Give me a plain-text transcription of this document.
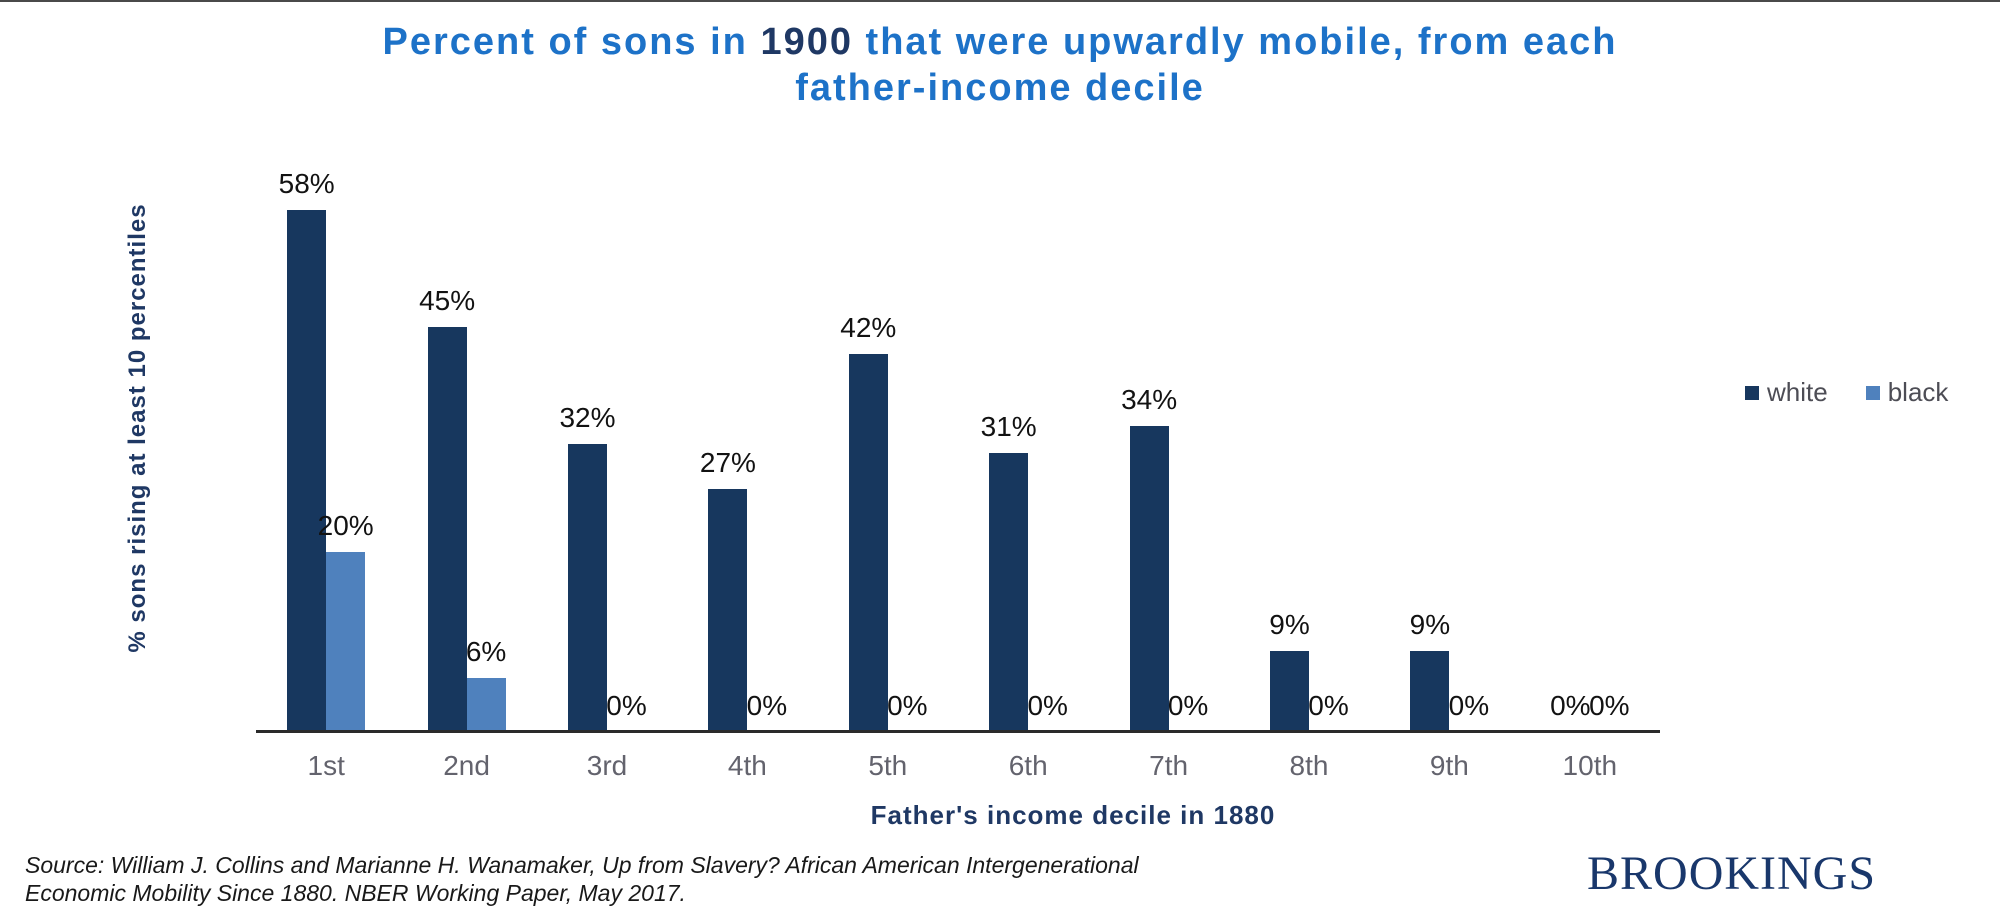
Percent of sons in 1900 that were upwardly mobile, from each
father-income decile
% sons rising at least 10 percentiles
58%
20%
45%
6%
32%
0%
27%
0%
42%
0%
31%
0%
34%
0%
9%
0%
9%
0% 0%
0%
1st	2nd	3rd	4th	5th	6th	7th	8th	9th	10th
Father's income decile in 1880
white black
Source: William J. Collins and Marianne H. Wanamaker, Up from Slavery? African American Intergenerational
Economic Mobility Since 1880. NBER Working Paper, May 2017.	BROOKINGS
